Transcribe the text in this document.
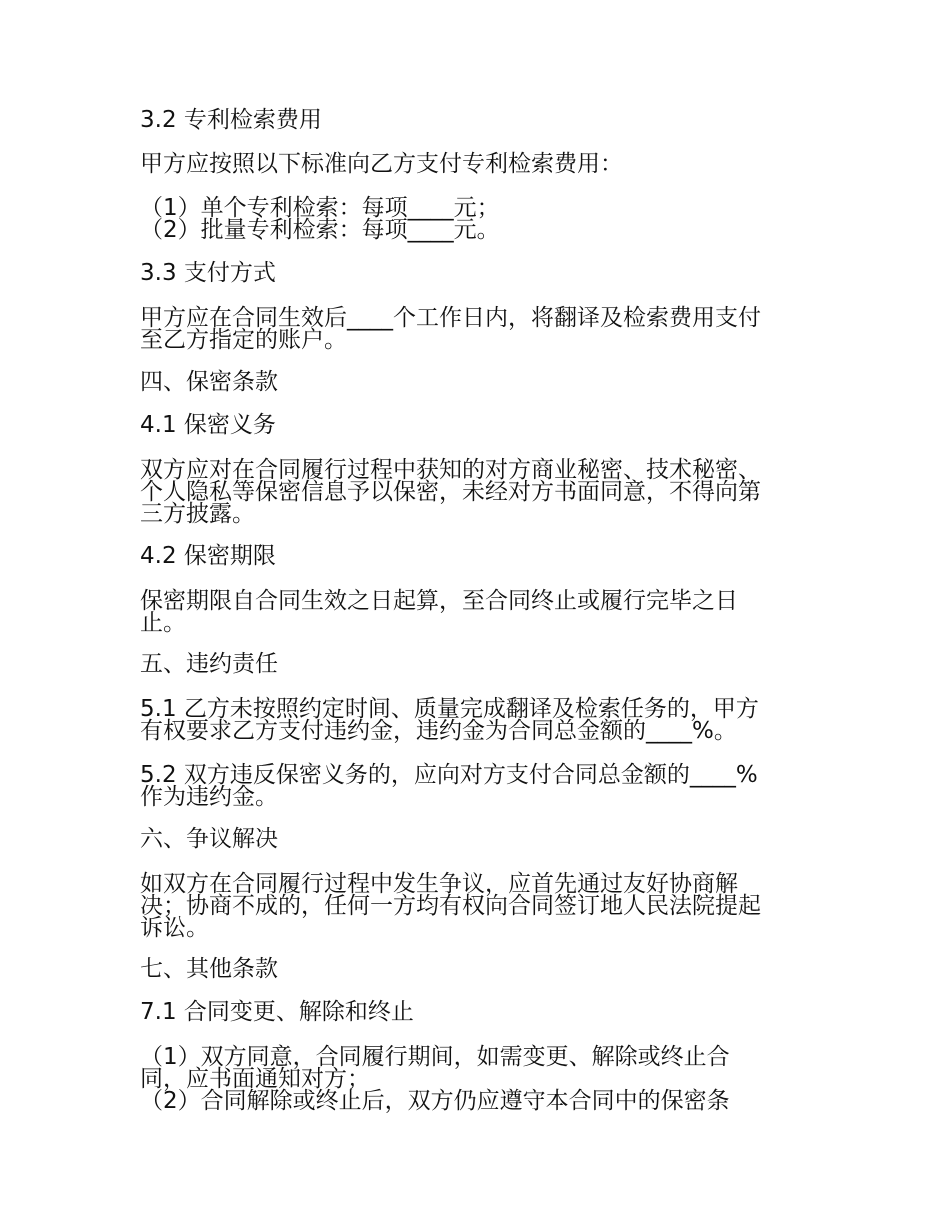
3.2 专利检索费用
甲方应按照以下标准向乙方支付专利检索费用：
（1）单个专利检索：每项____元；
（2）批量专利检索：每项____元。
3.3 支付方式
甲方应在合同生效后____个工作日内，将翻译及检索费用支付
至乙方指定的账户。
四、保密条款
4.1 保密义务
双方应对在合同履行过程中获知的对方商业秘密、技术秘密、
个人隐私等保密信息予以保密，未经对方书面同意，不得向第
三方披露。
4.2 保密期限
保密期限自合同生效之日起算，至合同终止或履行完毕之日
止。
五、违约责任
5.1 乙方未按照约定时间、质量完成翻译及检索任务的，甲方
有权要求乙方支付违约金，违约金为合同总金额的____%。
5.2 双方违反保密义务的，应向对方支付合同总金额的____%
作为违约金。
六、争议解决
如双方在合同履行过程中发生争议，应首先通过友好协商解
决；协商不成的，任何一方均有权向合同签订地人民法院提起
诉讼。
七、其他条款
7.1 合同变更、解除和终止
（1）双方同意，合同履行期间，如需变更、解除或终止合
同，应书面通知对方；
（2）合同解除或终止后，双方仍应遵守本合同中的保密条
